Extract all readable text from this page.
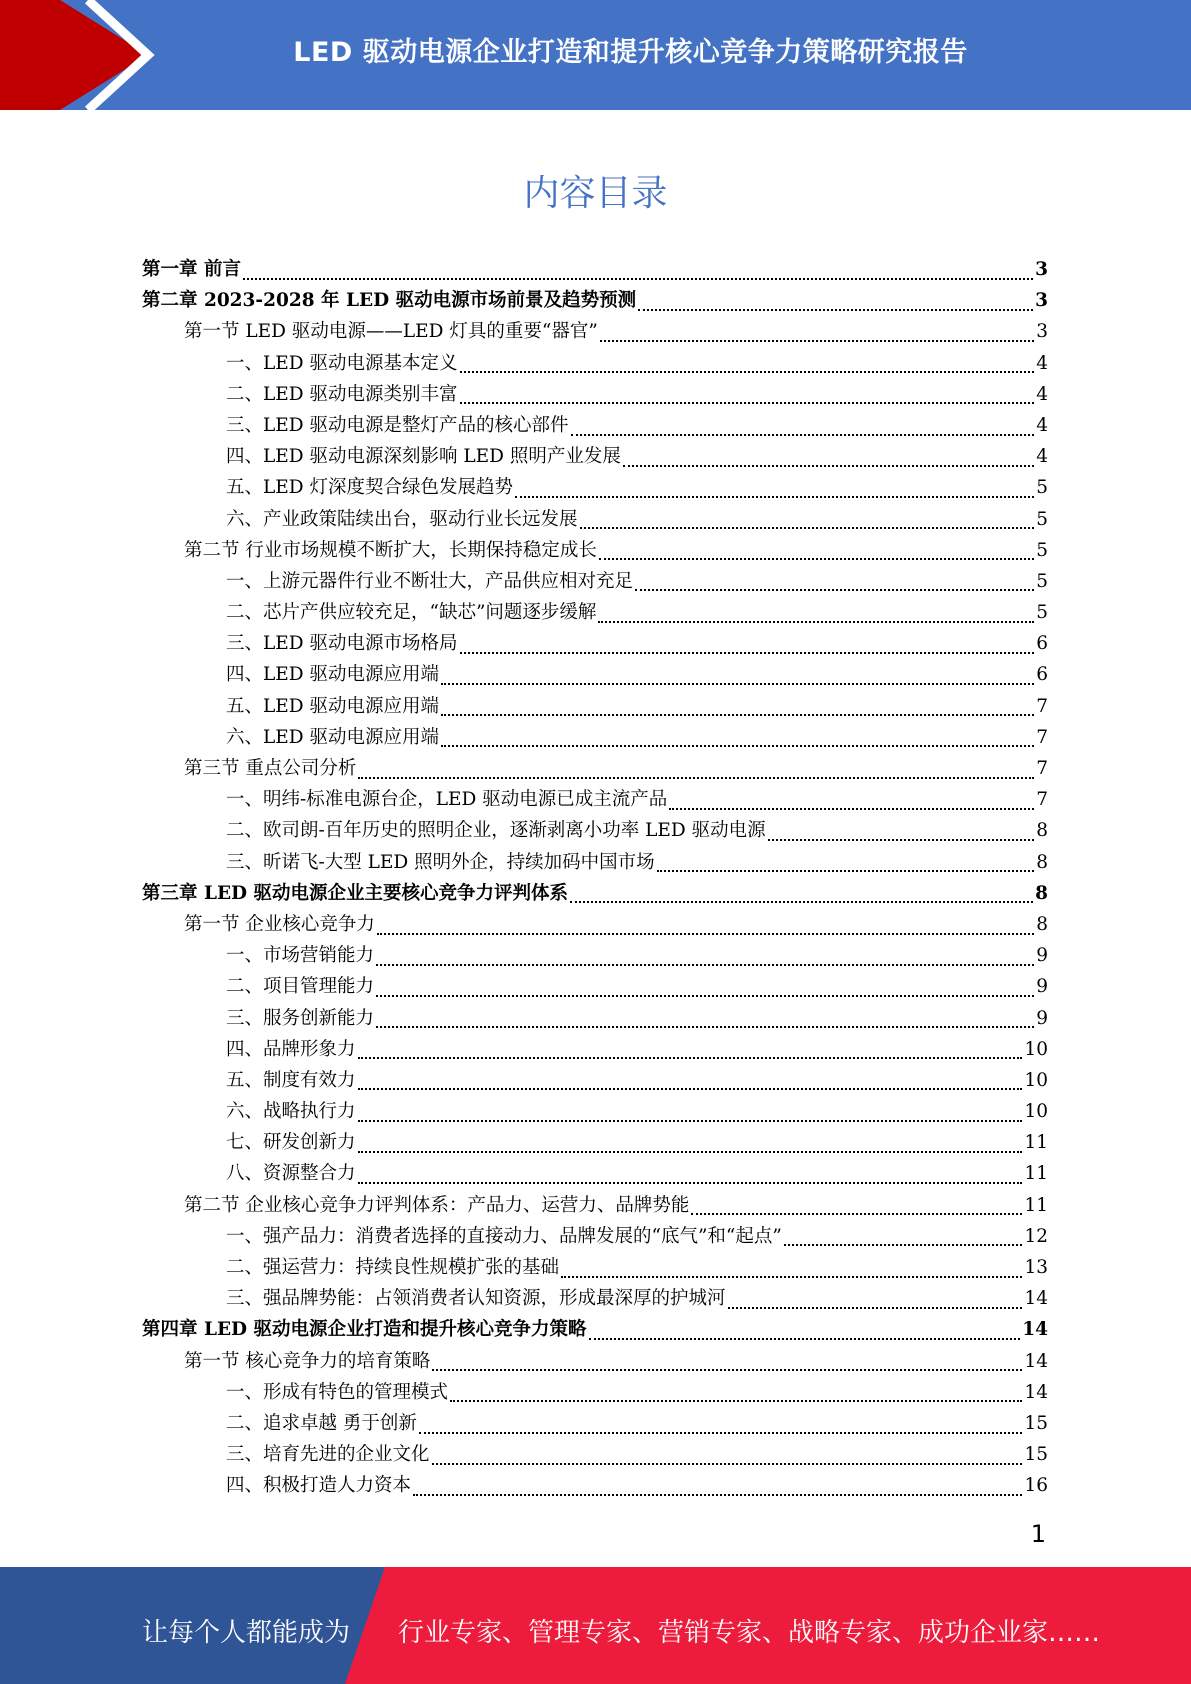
LED 驱动电源企业打造和提升核心竞争力策略研究报告
内容目录
第一章 前言	3
第二章 2023-2028 年 LED 驱动电源市场前景及趋势预测	3
第一节 LED 驱动电源——LED 灯具的重要“器官”	3
一、LED 驱动电源基本定义	4
二、LED 驱动电源类别丰富	4
三、LED 驱动电源是整灯产品的核心部件	4
四、LED 驱动电源深刻影响 LED 照明产业发展	4
五、LED 灯深度契合绿色发展趋势	5
六、产业政策陆续出台，驱动行业长远发展	5
第二节 行业市场规模不断扩大，长期保持稳定成长	5
一、上游元器件行业不断壮大，产品供应相对充足	5
二、芯片产供应较充足，“缺芯”问题逐步缓解	5
三、LED 驱动电源市场格局	6
四、LED 驱动电源应用端	6
五、LED 驱动电源应用端	7
六、LED 驱动电源应用端	7
第三节 重点公司分析	7
一、明纬-标准电源台企，LED 驱动电源已成主流产品	7
二、欧司朗-百年历史的照明企业，逐渐剥离小功率 LED 驱动电源	8
三、昕诺飞-大型 LED 照明外企，持续加码中国市场	8
第三章 LED 驱动电源企业主要核心竞争力评判体系	8
第一节 企业核心竞争力	8
一、市场营销能力	9
二、项目管理能力	9
三、服务创新能力	9
四、品牌形象力	10
五、制度有效力	10
六、战略执行力	10
七、研发创新力	11
八、资源整合力	11
第二节 企业核心竞争力评判体系：产品力、运营力、品牌势能	11
一、强产品力：消费者选择的直接动力、品牌发展的“底气”和“起点”	12
二、强运营力：持续良性规模扩张的基础	13
三、强品牌势能：占领消费者认知资源，形成最深厚的护城河	14
第四章 LED 驱动电源企业打造和提升核心竞争力策略	14
第一节 核心竞争力的培育策略	14
一、形成有特色的管理模式	14
二、追求卓越 勇于创新	15
三、培育先进的企业文化	15
四、积极打造人力资本	16
1
让每个人都能成为 行业专家、管理专家、营销专家、战略专家、成功企业家……
